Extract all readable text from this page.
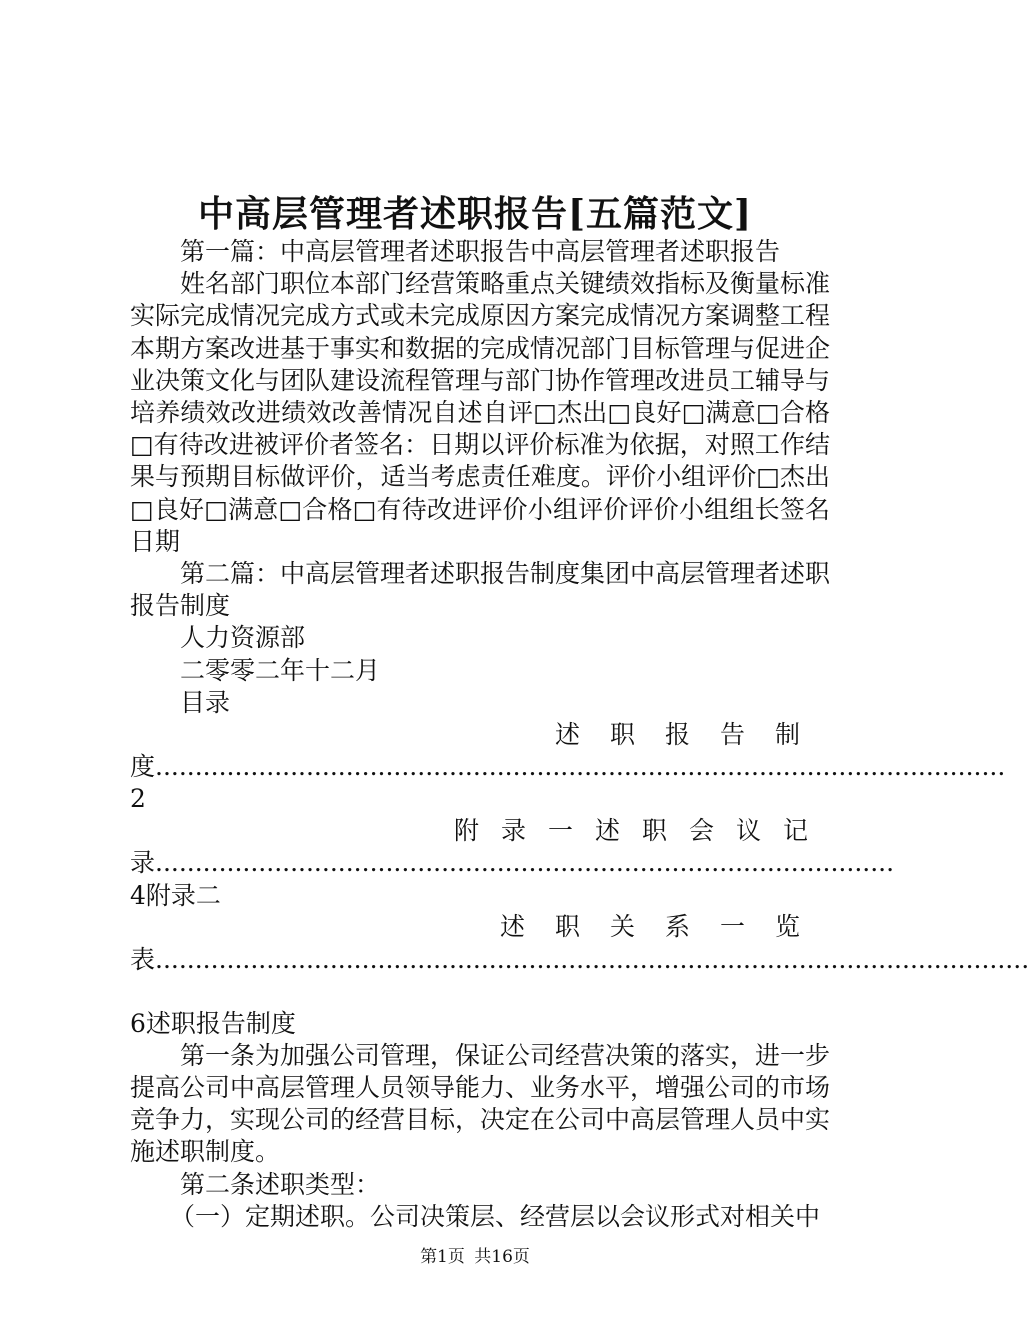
中高层管理者述职报告[五篇范文]

第一篇：中高层管理者述职报告中高层管理者述职报告

姓名部门职位本部门经营策略重点关键绩效指标及衡量标准实际完成情况完成方式或未完成原因方案完成情况方案调整工程本期方案改进基于事实和数据的完成情况部门目标管理与促进企业决策文化与团队建设流程管理与部门协作管理改进员工辅导与培养绩效改进绩效改善情况自述自评□杰出□良好□满意□合格□有待改进被评价者签名：日期以评价标准为依据，对照工作结果与预期目标做评价，适当考虑责任难度。评价小组评价□杰出□良好□满意□合格□有待改进评价小组评价评价小组组长签名日期

第二篇：中高层管理者述职报告制度集团中高层管理者述职报告制度

人力资源部

二零零二年十二月

目录

述职报告制
度...........................................................................................................2
附录一述职会议记
录.............................................................................................4附录二
述职关系一览
表..............................................................................................................
6述职报告制度

第一条为加强公司管理，保证公司经营决策的落实，进一步提高公司中高层管理人员领导能力、业务水平，增强公司的市场竞争力，实现公司的经营目标，决定在公司中高层管理人员中实施述职制度。

第二条述职类型：

（一）定期述职。公司决策层、经营层以会议形式对相关中

第1页 共16页
